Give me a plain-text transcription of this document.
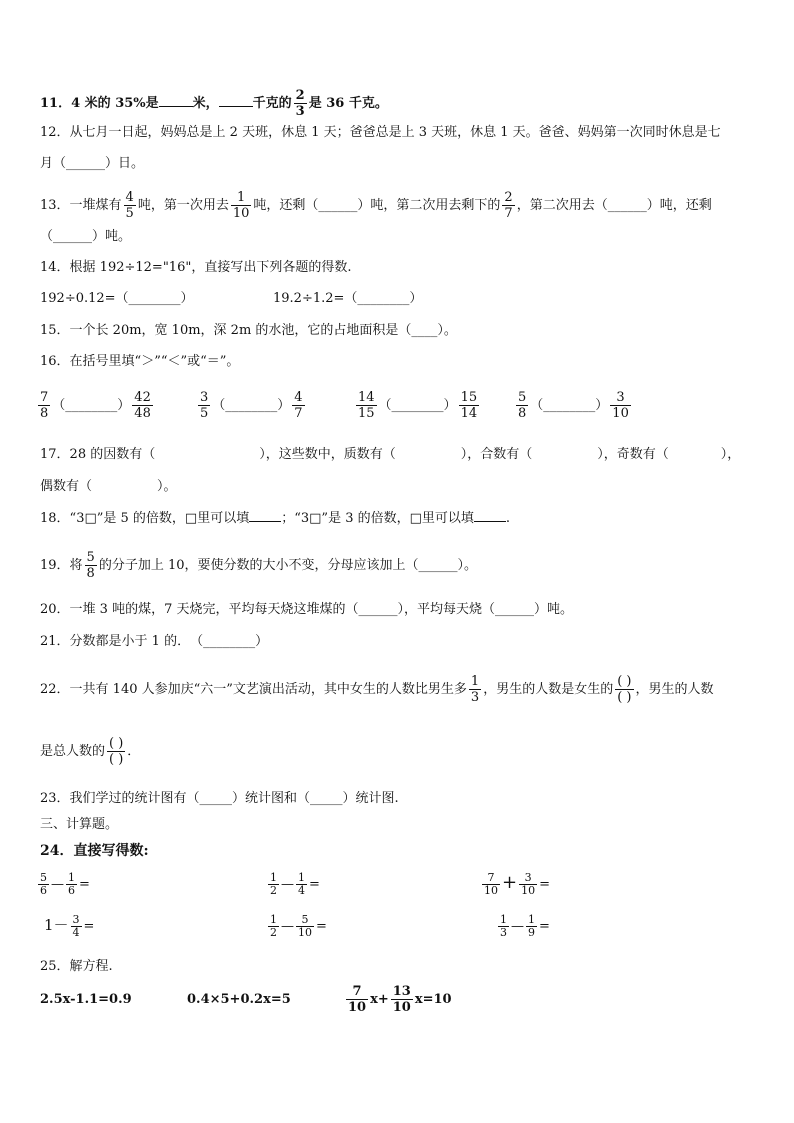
11．4 米的 35%是	米，	千克的 $\frac{2}{3}$ 是 36 千克。
12．从七月一日起，妈妈总是上 2 天班，休息 1 天；爸爸总是上 3 天班，休息 1 天。爸爸、妈妈第一次同时休息是七
月（______）日。
13．一堆煤有 $\frac{4}{5}$ 吨，第一次用去 $\frac{1}{10}$ 吨，还剩（______）吨，第二次用去剩下的 $\frac{2}{7}$ ，第二次用去（______）吨，还剩
（______）吨。
14．根据 192÷12="16"，直接写出下列各题的得数.
192÷0.12=（________）	19.2÷1.2=（________）
15．一个长 20m，宽 10m，深 2m 的水池，它的占地面积是（____）。
16．在括号里填“＞”“＜”或“＝”。
$\frac{7}{8}$ （________） $\frac{42}{48}$	$\frac{3}{5}$ （________） $\frac{4}{7}$	$\frac{14}{15}$ （________） $\frac{15}{14}$	$\frac{5}{8}$ （________） $\frac{3}{10}$
17．28 的因数有（　　　　　　　　），这些数中，质数有（　　　　　），合数有（　　　　　），奇数有（　　　　），
偶数有（　　　　　）。
18．“3□”是 5 的倍数，□里可以填 ；“3□”是 3 的倍数，□里可以填 .
19．将 $\frac{5}{8}$ 的分子加上 10，要使分数的大小不变，分母应该加上（______）。
20．一堆 3 吨的煤，7 天烧完，平均每天烧这堆煤的（______），平均每天烧（______）吨。
21．分数都是小于 1 的．　（________）
22．一共有 140 人参加庆“六一”文艺演出活动，其中女生的人数比男生多 $\frac{1}{3}$ ，男生的人数是女生的 $\frac{( )}{( )}$ ，男生的人数
是总人数的 $\frac{( )}{( )}$ ．
23．我们学过的统计图有（_____）统计图和（_____）统计图.
三、计算题。
24．直接写得数:
$\frac{5}{6}$ — $\frac{1}{6}$ =	$\frac{1}{2}$ — $\frac{1}{4}$ =	$\frac{7}{10} + \frac{3}{10}$ =
$1- \frac{3}{4}$ =	$\frac{1}{2}$ — $\frac{5}{10}$ =	$\frac{1}{3}$ — $\frac{1}{9}$ =
25．解方程.
2.5x-1.1=0.9	0.4×5+0.2x=5	$\frac{7}{10} x+ \frac{13}{10} x=10$
